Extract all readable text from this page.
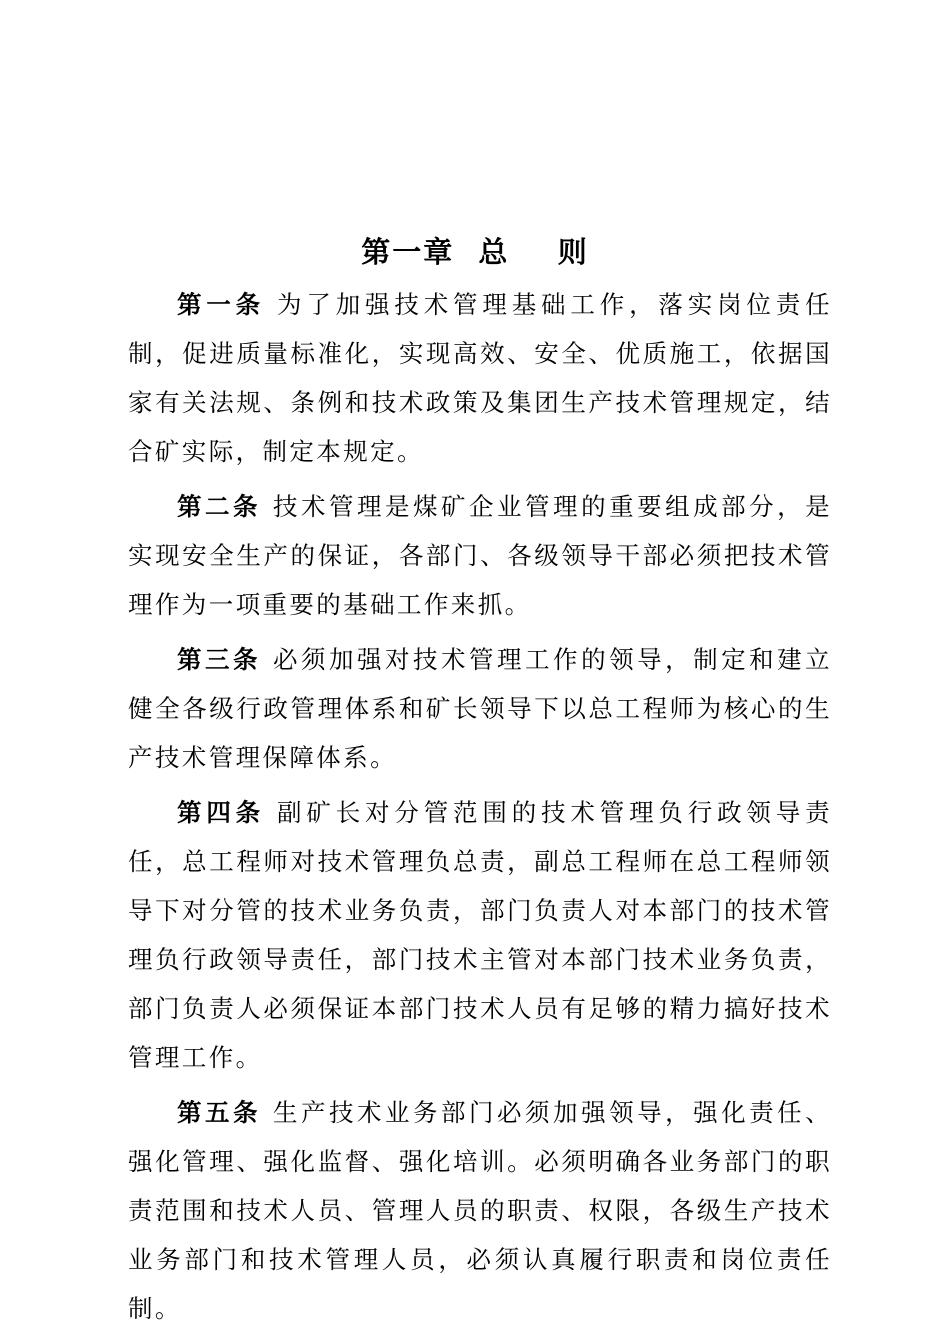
第一章  总    则

第一条 为了加强技术管理基础工作，落实岗位责任制，促进质量标准化，实现高效、安全、优质施工，依据国家有关法规、条例和技术政策及集团生产技术管理规定，结合矿实际，制定本规定。

第二条 技术管理是煤矿企业管理的重要组成部分，是实现安全生产的保证，各部门、各级领导干部必须把技术管理作为一项重要的基础工作来抓。

第三条 必须加强对技术管理工作的领导，制定和建立健全各级行政管理体系和矿长领导下以总工程师为核心的生产技术管理保障体系。

第四条 副矿长对分管范围的技术管理负行政领导责任，总工程师对技术管理负总责，副总工程师在总工程师领导下对分管的技术业务负责，部门负责人对本部门的技术管理负行政领导责任，部门技术主管对本部门技术业务负责，部门负责人必须保证本部门技术人员有足够的精力搞好技术管理工作。

第五条 生产技术业务部门必须加强领导，强化责任、强化管理、强化监督、强化培训。必须明确各业务部门的职责范围和技术人员、管理人员的职责、权限，各级生产技术业务部门和技术管理人员，必须认真履行职责和岗位责任制。
